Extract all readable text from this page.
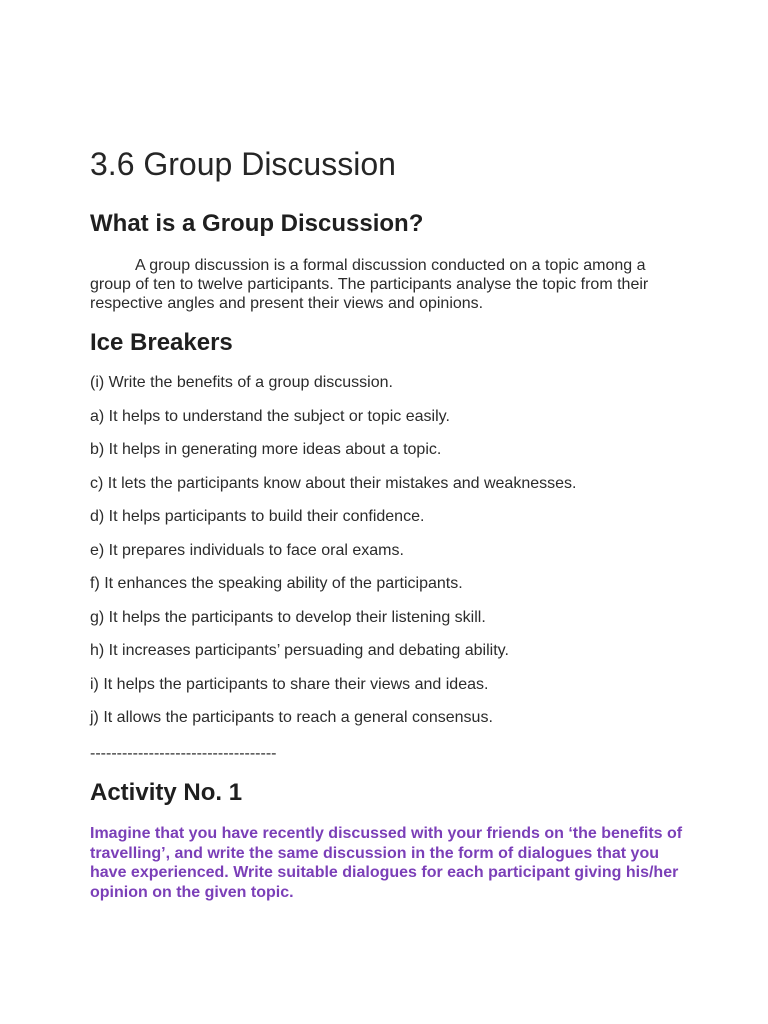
3.6 Group Discussion
What is a Group Discussion?

A group discussion is a formal discussion conducted on a topic among a group of ten to twelve participants. The participants analyse the topic from their respective angles and present their views and opinions.

Ice Breakers

(i) Write the benefits of a group discussion.

a) It helps to understand the subject or topic easily.

b) It helps in generating more ideas about a topic.

c) It lets the participants know about their mistakes and weaknesses.

d) It helps participants to build their confidence.

e) It prepares individuals to face oral exams.

f) It enhances the speaking ability of the participants.

g) It helps the participants to develop their listening skill.

h) It increases participants’ persuading and debating ability.

i) It helps the participants to share their views and ideas.

j) It allows the participants to reach a general consensus.

-----------------------------------

Activity No. 1

Imagine that you have recently discussed with your friends on ‘the benefits of travelling’, and write the same discussion in the form of dialogues that you have experienced. Write suitable dialogues for each participant giving his/her opinion on the given topic.
